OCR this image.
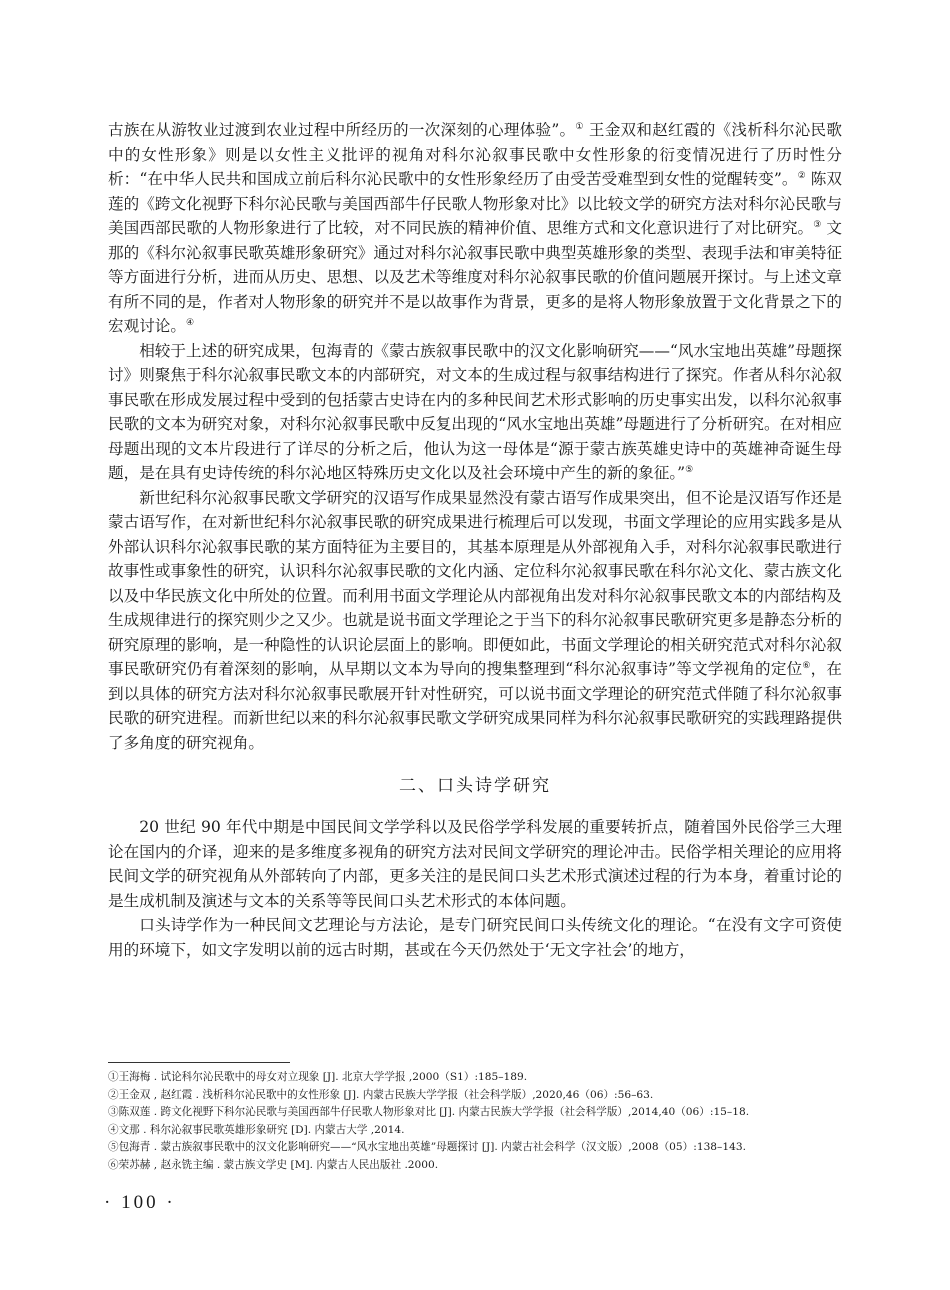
古族在从游牧业过渡到农业过程中所经历的一次深刻的心理体验”。① 王金双和赵红霞的《浅析科尔沁民歌中的女性形象》则是以女性主义批评的视角对科尔沁叙事民歌中女性形象的衍变情况进行了历时性分析：“在中华人民共和国成立前后科尔沁民歌中的女性形象经历了由受苦受难型到女性的觉醒转变”。② 陈双莲的《跨文化视野下科尔沁民歌与美国西部牛仔民歌人物形象对比》以比较文学的研究方法对科尔沁民歌与美国西部民歌的人物形象进行了比较，对不同民族的精神价值、思维方式和文化意识进行了对比研究。③ 文那的《科尔沁叙事民歌英雄形象研究》通过对科尔沁叙事民歌中典型英雄形象的类型、表现手法和审美特征等方面进行分析，进而从历史、思想、以及艺术等维度对科尔沁叙事民歌的价值问题展开探讨。与上述文章有所不同的是，作者对人物形象的研究并不是以故事作为背景，更多的是将人物形象放置于文化背景之下的宏观讨论。④

相较于上述的研究成果，包海青的《蒙古族叙事民歌中的汉文化影响研究——“风水宝地出英雄”母题探讨》则聚焦于科尔沁叙事民歌文本的内部研究，对文本的生成过程与叙事结构进行了探究。作者从科尔沁叙事民歌在形成发展过程中受到的包括蒙古史诗在内的多种民间艺术形式影响的历史事实出发，以科尔沁叙事民歌的文本为研究对象，对科尔沁叙事民歌中反复出现的“风水宝地出英雄”母题进行了分析研究。在对相应母题出现的文本片段进行了详尽的分析之后，他认为这一母体是“源于蒙古族英雄史诗中的英雄神奇诞生母题，是在具有史诗传统的科尔沁地区特殊历史文化以及社会环境中产生的新的象征。”⑤

新世纪科尔沁叙事民歌文学研究的汉语写作成果显然没有蒙古语写作成果突出，但不论是汉语写作还是蒙古语写作，在对新世纪科尔沁叙事民歌的研究成果进行梳理后可以发现，书面文学理论的应用实践多是从外部认识科尔沁叙事民歌的某方面特征为主要目的，其基本原理是从外部视角入手，对科尔沁叙事民歌进行故事性或事象性的研究，认识科尔沁叙事民歌的文化内涵、定位科尔沁叙事民歌在科尔沁文化、蒙古族文化以及中华民族文化中所处的位置。而利用书面文学理论从内部视角出发对科尔沁叙事民歌文本的内部结构及生成规律进行的探究则少之又少。也就是说书面文学理论之于当下的科尔沁叙事民歌研究更多是静态分析的研究原理的影响，是一种隐性的认识论层面上的影响。即便如此，书面文学理论的相关研究范式对科尔沁叙事民歌研究仍有着深刻的影响，从早期以文本为导向的搜集整理到“科尔沁叙事诗”等文学视角的定位⑥，在到以具体的研究方法对科尔沁叙事民歌展开针对性研究，可以说书面文学理论的研究范式伴随了科尔沁叙事民歌的研究进程。而新世纪以来的科尔沁叙事民歌文学研究成果同样为科尔沁叙事民歌研究的实践理路提供了多角度的研究视角。

二、口头诗学研究

20 世纪 90 年代中期是中国民间文学学科以及民俗学学科发展的重要转折点，随着国外民俗学三大理论在国内的介译，迎来的是多维度多视角的研究方法对民间文学研究的理论冲击。民俗学相关理论的应用将民间文学的研究视角从外部转向了内部，更多关注的是民间口头艺术形式演述过程的行为本身，着重讨论的是生成机制及演述与文本的关系等等民间口头艺术形式的本体问题。

口头诗学作为一种民间文艺理论与方法论，是专门研究民间口头传统文化的理论。“在没有文字可资使用的环境下，如文字发明以前的远古时期，甚或在今天仍然处于‘无文字社会’的地方，

①王海梅 . 试论科尔沁民歌中的母女对立现象 [J]. 北京大学学报 ,2000（S1）:185–189.

②王金双 , 赵红霞 . 浅析科尔沁民歌中的女性形象 [J]. 内蒙古民族大学学报（社会科学版）,2020,46（06）:56–63.

③陈双莲 . 跨文化视野下科尔沁民歌与美国西部牛仔民歌人物形象对比 [J]. 内蒙古民族大学学报（社会科学版）,2014,40（06）:15–18.

④文那 . 科尔沁叙事民歌英雄形象研究 [D]. 内蒙古大学 ,2014.

⑤包海青 . 蒙古族叙事民歌中的汉文化影响研究——“风水宝地出英雄”母题探讨 [J]. 内蒙古社会科学（汉文版）,2008（05）:138–143.

⑥荣苏赫 , 赵永铣主编 . 蒙古族文学史 [M]. 内蒙古人民出版社 .2000.

· 100 ·
